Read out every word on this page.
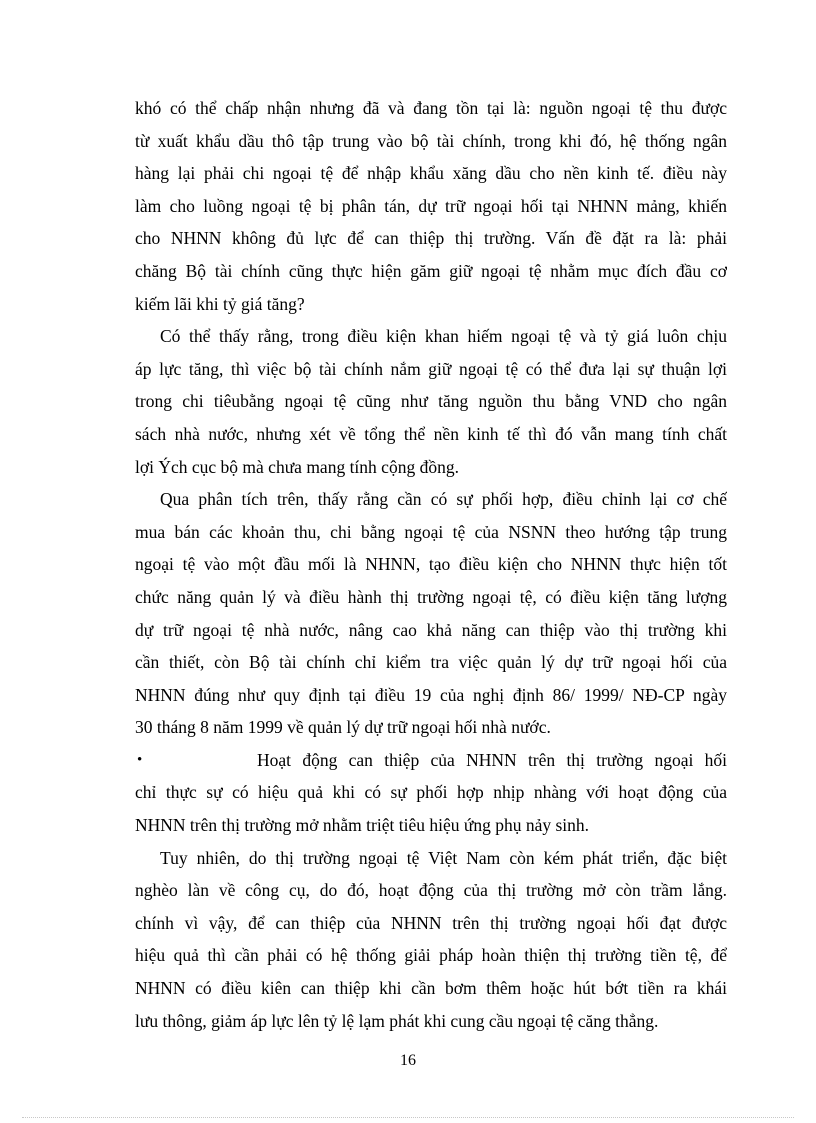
khó có thể chấp nhận nhưng đã và đang tồn tại là: nguồn ngoại tệ thu được
từ xuất khẩu dầu thô tập trung vào bộ tài chính, trong khi đó, hệ thống ngân
hàng lại phải chi ngoại tệ để nhập khẩu xăng dầu cho nền kinh tế. điều này
làm cho luồng ngoại tệ bị phân tán, dự trữ ngoại hối tại NHNN mảng, khiến
cho NHNN không đủ lực để can thiệp thị trường. Vấn đề đặt ra là: phải
chăng Bộ tài chính cũng thực hiện găm giữ ngoại tệ nhằm mục đích đầu cơ
kiếm lãi khi tỷ giá tăng?
Có thể thấy rằng, trong điều kiện khan hiếm ngoại tệ và tỷ giá luôn chịu
áp lực tăng, thì việc bộ tài chính nắm giữ ngoại tệ có thể đưa lại sự thuận lợi
trong chi tiêubằng ngoại tệ cũng như tăng nguồn thu bằng VND cho ngân
sách nhà nước, nhưng xét về tổng thể nền kinh tế thì đó vẫn mang tính chất
lợi Ých cục bộ mà chưa mang tính cộng đồng.
Qua phân tích trên, thấy rằng cần có sự phối hợp, điều chỉnh lại cơ chế
mua bán các khoản thu, chi bằng ngoại tệ của NSNN theo hướng tập trung
ngoại tệ vào một đầu mối là NHNN, tạo điều kiện cho NHNN thực hiện tốt
chức năng quản lý và điều hành thị trường ngoại tệ, có điều kiện tăng lượng
dự trữ ngoại tệ nhà nước, nâng cao khả năng can thiệp vào thị trường khi
cần thiết, còn Bộ tài chính chỉ kiểm tra việc quản lý dự trữ ngoại hối của
NHNN đúng như quy định tại điều 19 của nghị định 86/ 1999/ NĐ-CP ngày
30 tháng 8 năm 1999 về quản lý dự trữ ngoại hối nhà nước.
•	Hoạt động can thiệp của NHNN trên thị trường ngoại hối
chỉ thực sự có hiệu quả khi có sự phối hợp nhịp nhàng với hoạt động của
NHNN trên thị trường mở nhằm triệt tiêu hiệu ứng phụ nảy sinh.
Tuy nhiên, do thị trường ngoại tệ Việt Nam còn kém phát triển, đặc biệt
nghèo làn về công cụ, do đó, hoạt động của thị trường mở còn trầm lắng.
chính vì vậy, để can thiệp của NHNN trên thị trường ngoại hối đạt được
hiệu quả thì cần phải có hệ thống giải pháp hoàn thiện thị trường tiền tệ, để
NHNN có điều kiên can thiệp khi cần bơm thêm hoặc hút bớt tiền ra khái
lưu thông, giảm áp lực lên tỷ lệ lạm phát khi cung cầu ngoại tệ căng thẳng.
16
